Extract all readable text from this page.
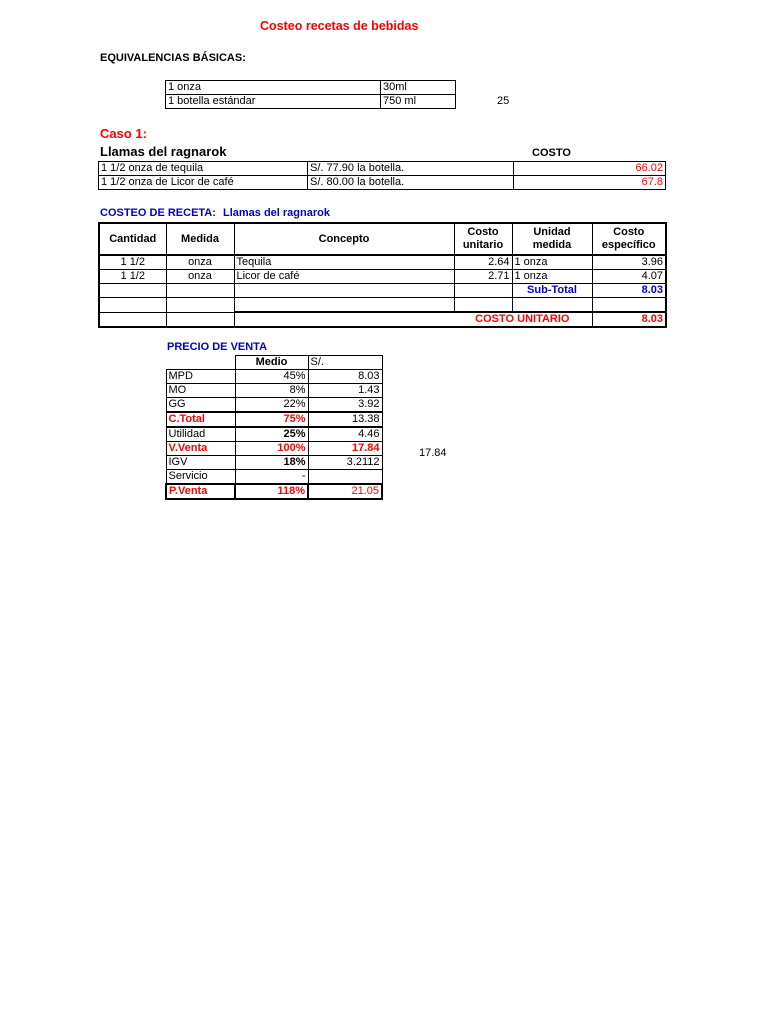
Costeo recetas de bebidas
EQUIVALENCIAS BÁSICAS:
1 onza	30ml
1 botella estándar	750 ml	25
Caso 1:
Llamas del ragnarok	COSTO
1 1/2 onza de tequila	S/. 77.90 la botella.	66.02
1 1/2 onza de Licor de café	S/. 80.00 la botella.	67.8
COSTEO DE RECETA: Llamas del ragnarok
Cantidad	Medida	Concepto	Costo unitario	Unidad medida	Costo específico
1 1/2	onza	Tequila	2.64	1 onza	3.96
1 1/2	onza	Licor de café	2.71	1 onza	4.07
				Sub-Total	8.03

		COSTO UNITARIO			8.03
PRECIO DE VENTA
	Medio	S/.
MPD	45%	8.03
MO	8%	1.43
GG	22%	3.92
C.Total	75%	13.38
Utilidad	25%	4.46
V.Venta	100%	17.84
IGV	18%	3.2112
Servicio	-	
P.Venta	118%	21.05
17.84
